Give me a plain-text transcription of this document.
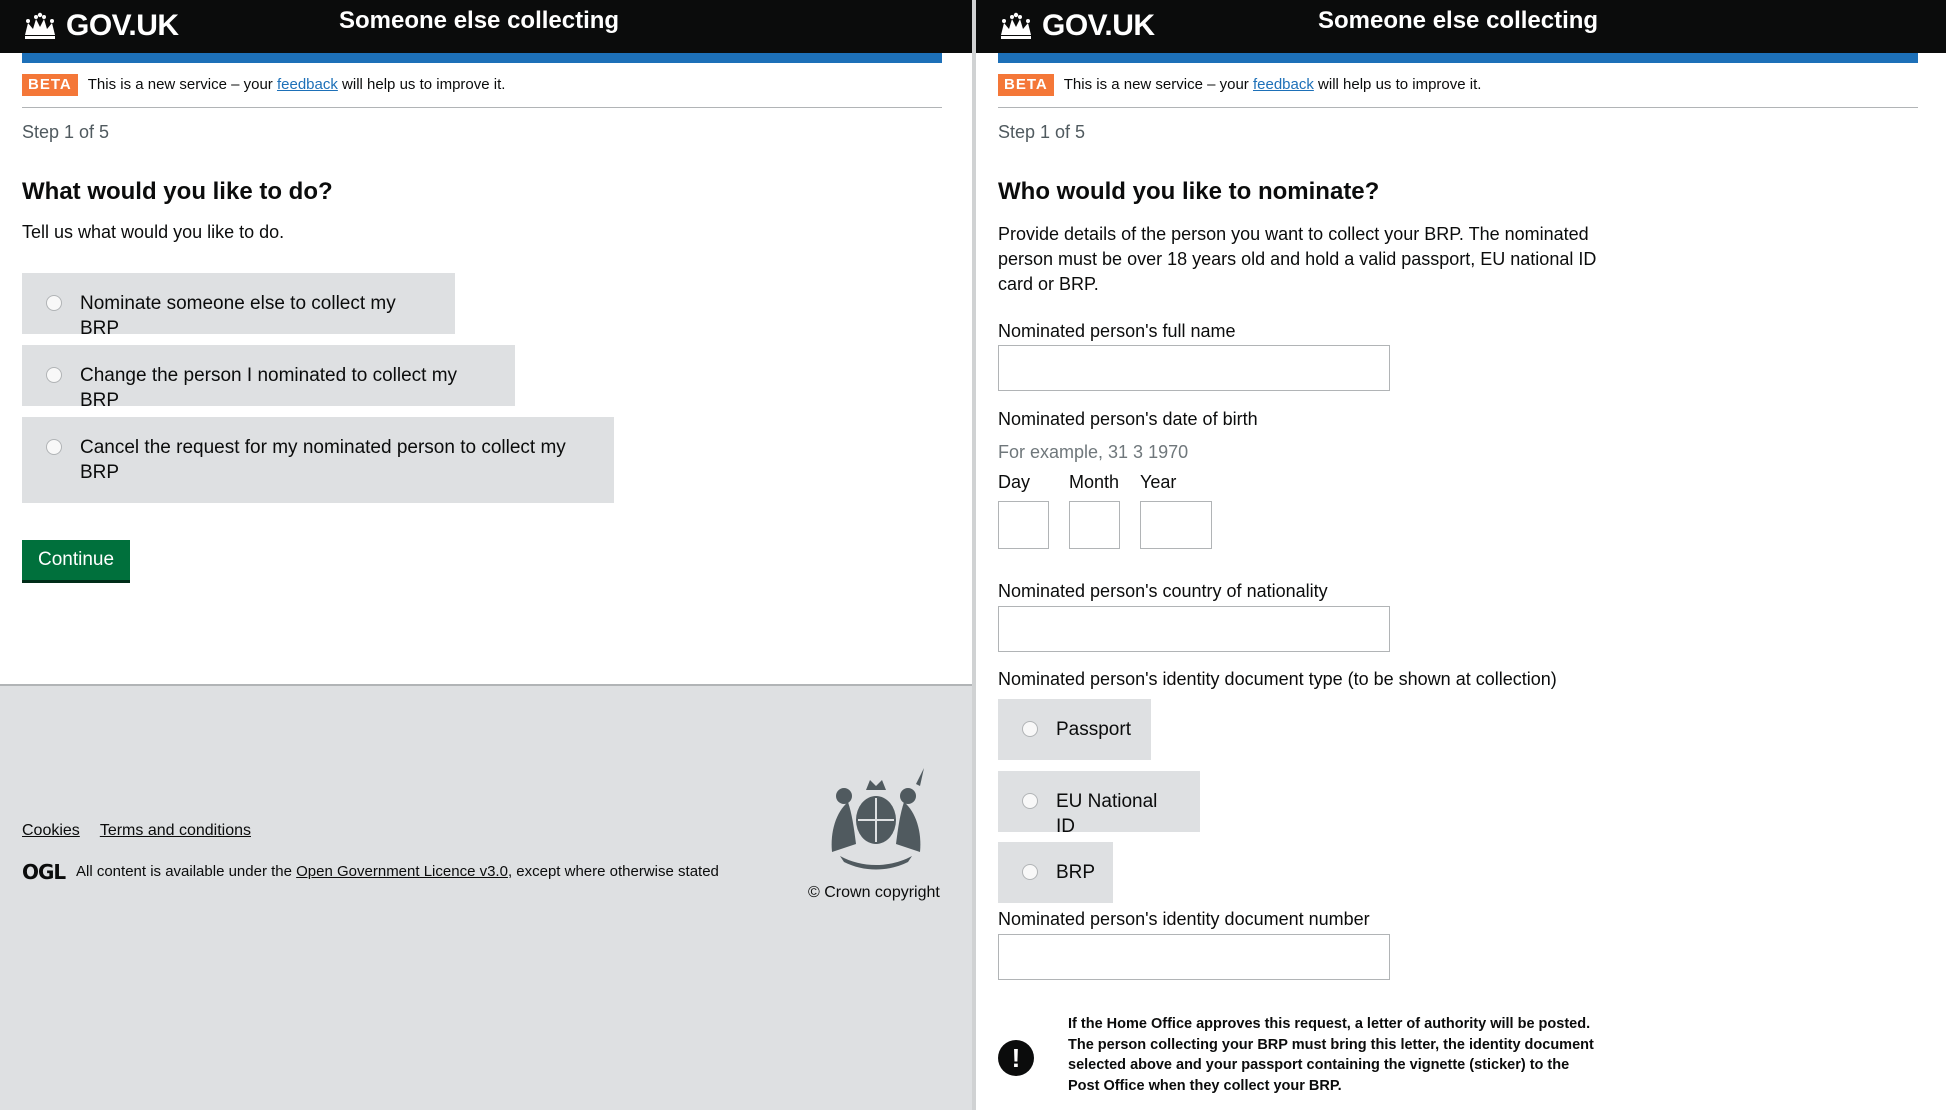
GOV.UK	Someone else collecting
BETA	This is a new service – your feedback will help us to improve it.
Step 1 of 5
What would you like to do?

Tell us what would you like to do.

Nominate someone else to collect my BRP
Change the person I nominated to collect my BRP
Cancel the request for my nominated person to collect my BRP
Continue
Cookies Terms and conditions
OGL All content is available under the Open Government Licence v3.0, except where otherwise stated
© Crown copyright
GOV.UK	Someone else collecting
BETA	This is a new service – your feedback will help us to improve it.
Step 1 of 5
Who would you like to nominate?

Provide details of the person you want to collect your BRP. The nominated person must be over 18 years old and hold a valid passport, EU national ID card or BRP.

Nominated person's full name
Nominated person's date of birth
For example, 31 3 1970
Day	Month Year
Nominated person's country of nationality
Nominated person's identity document type (to be shown at collection)
Passport
EU National ID
BRP
Nominated person's identity document number
!
If the Home Office approves this request, a letter of authority will be posted. The person collecting your BRP must bring this letter, the identity document selected above and your passport containing the vignette (sticker) to the Post Office when they collect your BRP.
